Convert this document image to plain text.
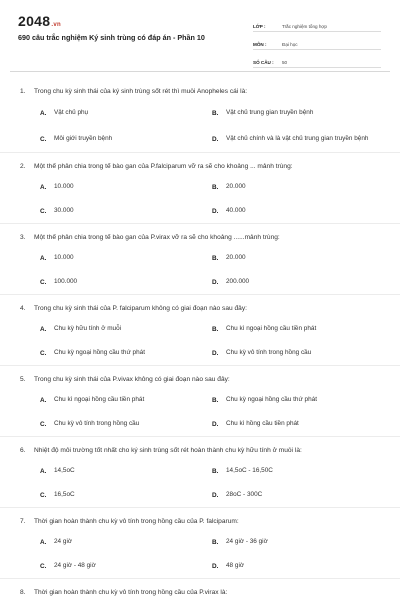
2048.vn
690 câu trắc nghiệm Ký sinh trùng có đáp án - Phần 10
LỚP :	Trắc nghiệm tổng hợp
MÔN :	Đại học
SỐ CÂU :	50
1.	Trong chu kỳ sinh thái của ký sinh trùng sốt rét thì muỗi Anopheles cái là:
A.	Vật chủ phụ	B.	Vật chủ trung gian truyền bệnh
C.	Môi giới truyền bệnh	D.	Vật chủ chính và là vật chủ trung gian truyền bệnh
2.	Một thể phân chia trong tế bào gan của P.falciparum vỡ ra sẽ cho khoảng ... mảnh trùng:
A.	10.000	B.	20.000
C.	30.000	D.	40.000
3.	Một thể phân chia trong tế bào gan của P.virax vỡ ra sẽ cho khoảng ......mảnh trùng:
A.	10.000	B.	20.000
C.	100.000	D.	200.000
4.	Trong chu kỳ sinh thái của P. falciparum không có giai đoạn nào sau đây:
A.	Chu kỳ hữu tính ở muỗi	B.	Chu kì ngoại hồng cầu tiền phát
C.	Chu kỳ ngoại hồng cầu thứ phát	D.	Chu kỳ vô tính trong hồng cầu
5.	Trong chu kỳ sinh thái của P.vivax không có giai đoạn nào sau đây:
A.	Chu kì ngoại hồng cầu tiền phát	B.	Chu kỳ ngoại hồng cầu thứ phát
C.	Chu kỳ vô tính trong hồng cầu	D.	Chu kì hồng cầu tiền phát
6.	Nhiệt độ môi trường tốt nhất cho ký sinh trùng sốt rét hoàn thành chu kỳ hữu tính ở muỗi là:
A.	14,5oC	B.	14,5oC - 16,50C
C.	16,5oC	D.	28oC - 300C
7.	Thời gian hoàn thành chu kỳ vô tính trong hồng cầu của P. falciparum:
A.	24 giờ	B.	24 giờ - 36 giờ
C.	24 giờ - 48 giờ	D.	48 giờ
8.	Thời gian hoàn thành chu kỳ vô tính trong hồng cầu của P.virax là:
